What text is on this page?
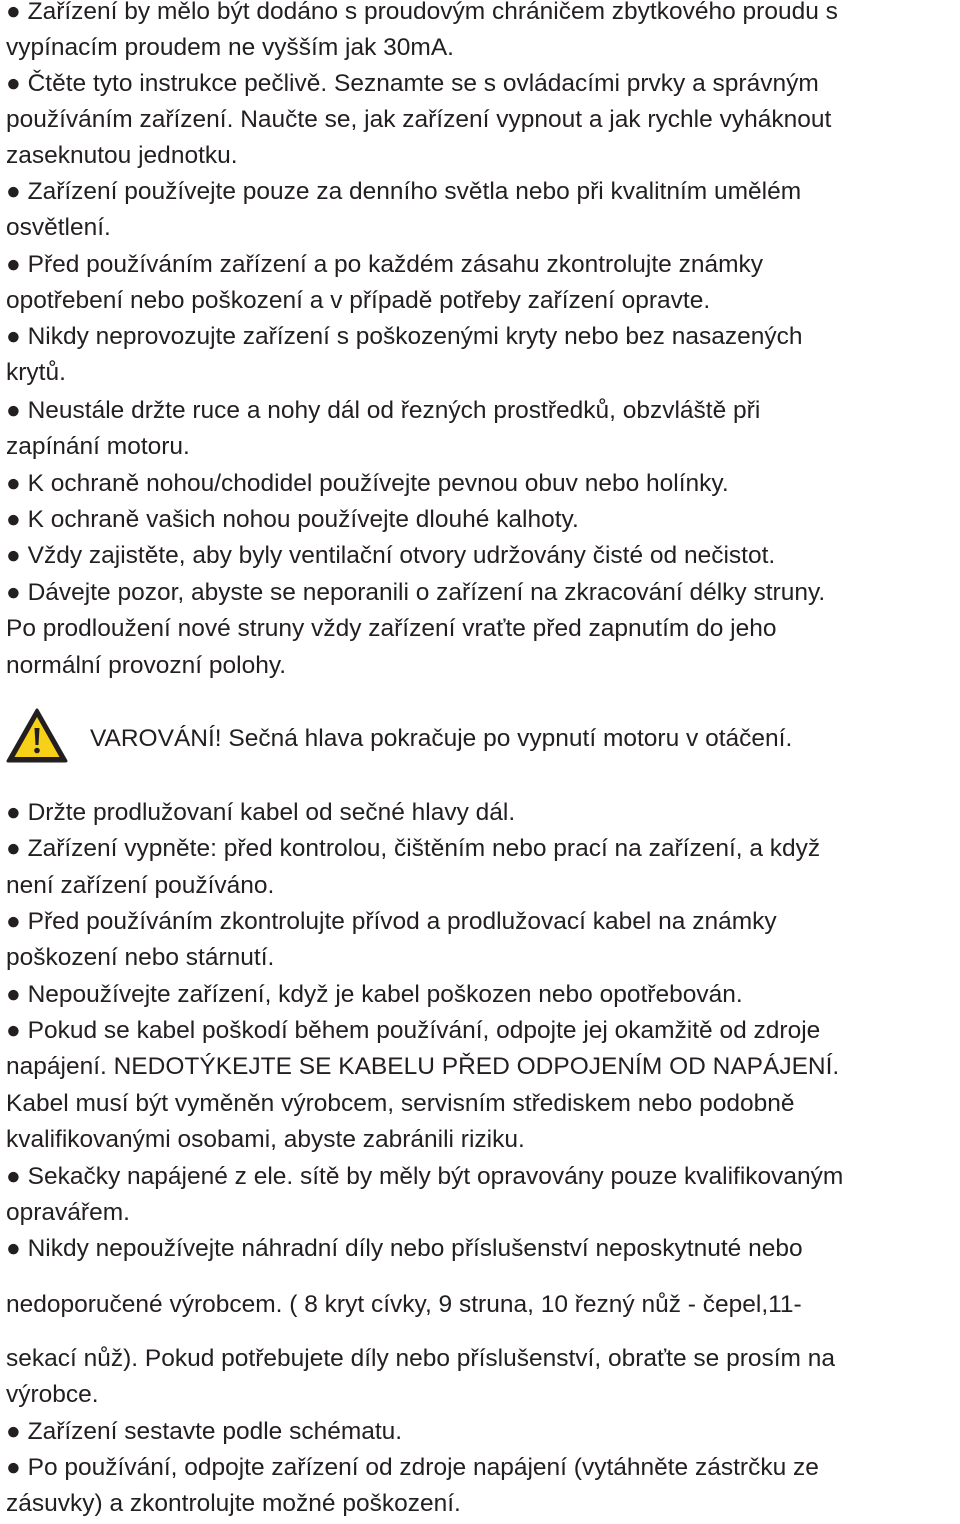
● Zařízení by mělo být dodáno s proudovým chráničem zbytkového proudu s

vypínacím proudem ne vyšším jak 30mA.

● Čtěte tyto instrukce pečlivě. Seznamte se s ovládacími prvky a správným

používáním zařízení. Naučte se, jak zařízení vypnout a jak rychle vyháknout

zaseknutou jednotku.

● Zařízení používejte pouze za denního světla nebo při kvalitním umělém

osvětlení.

● Před používáním zařízení a po každém zásahu zkontrolujte známky

opotřebení nebo poškození a v případě potřeby zařízení opravte.

● Nikdy neprovozujte zařízení s poškozenými kryty nebo bez nasazených

krytů.

● Neustále držte ruce a nohy dál od řezných prostředků, obzvláště při

zapínání motoru.

● K ochraně nohou/chodidel používejte pevnou obuv nebo holínky.

● K ochraně vašich nohou používejte dlouhé kalhoty.

● Vždy zajistěte, aby byly ventilační otvory udržovány čisté od nečistot.

● Dávejte pozor, abyste se neporanili o zařízení na zkracování délky struny.

Po prodloužení nové struny vždy zařízení vraťte před zapnutím do jeho

normální provozní polohy.

VAROVÁNÍ! Sečná hlava pokračuje po vypnutí motoru v otáčení.

● Držte prodlužovaní kabel od sečné hlavy dál.

● Zařízení vypněte: před kontrolou, čištěním nebo prací na zařízení, a když

není zařízení používáno.

● Před používáním zkontrolujte přívod a prodlužovací kabel na známky

poškození nebo stárnutí.

● Nepoužívejte zařízení, když je kabel poškozen nebo opotřebován.

● Pokud se kabel poškodí během používání, odpojte jej okamžitě od zdroje

napájení. NEDOTÝKEJTE SE KABELU PŘED ODPOJENÍM OD NAPÁJENÍ.

Kabel musí být vyměněn výrobcem, servisním střediskem nebo podobně

kvalifikovanými osobami, abyste zabránili riziku.

● Sekačky napájené z ele. sítě by měly být opravovány pouze kvalifikovaným

opravářem.

● Nikdy nepoužívejte náhradní díly nebo příslušenství neposkytnuté nebo

nedoporučené výrobcem. ( 8 kryt cívky, 9 struna, 10 řezný nůž - čepel,11-

sekací nůž). Pokud potřebujete díly nebo příslušenství, obraťte se prosím na

výrobce.

● Zařízení sestavte podle schématu.

● Po používání, odpojte zařízení od zdroje napájení (vytáhněte zástrčku ze

zásuvky) a zkontrolujte možné poškození.
